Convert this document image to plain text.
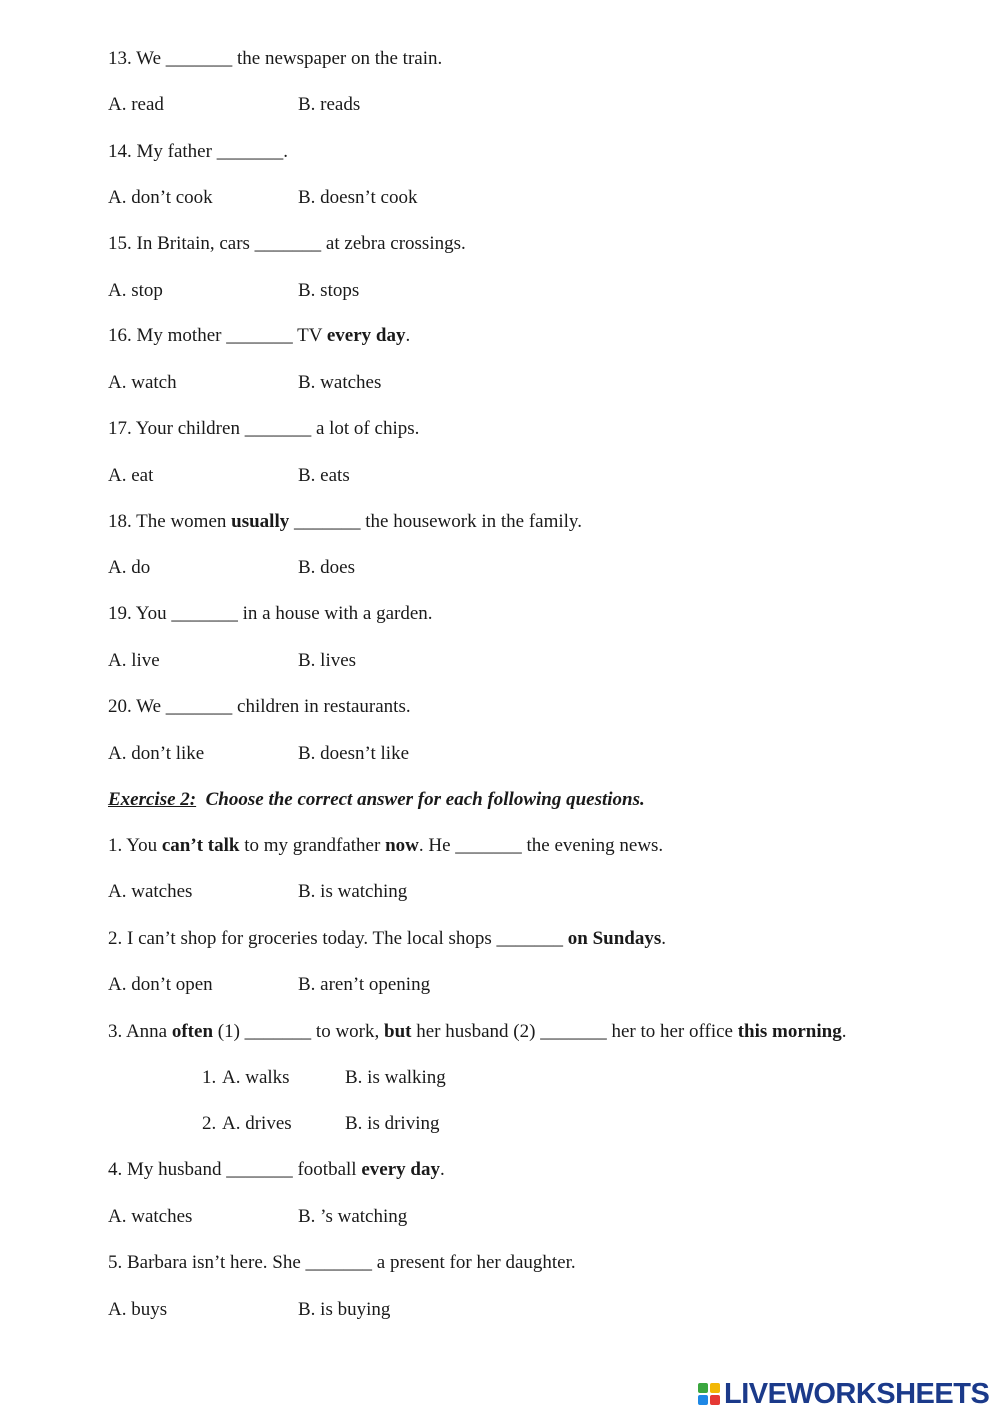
13. We _______ the newspaper on the train.
A. read	B. reads
14. My father _______.
A. don’t cook	B. doesn’t cook
15. In Britain, cars _______ at zebra crossings.
A. stop	B. stops
16. My mother _______ TV every day.
A. watch	B. watches
17. Your children _______ a lot of chips.
A. eat	B. eats
18. The women usually _______ the housework in the family.
A. do	B. does
19. You _______ in a house with a garden.
A. live	B. lives
20. We _______ children in restaurants.
A. don’t like	B. doesn’t like
Exercise 2:  Choose the correct answer for each following questions.
1. You can’t talk to my grandfather now. He _______ the evening news.
A. watches	B. is watching
2. I can’t shop for groceries today. The local shops _______ on Sundays.
A. don’t open	B. aren’t opening
3. Anna often (1) _______ to work, but her husband (2) _______ her to her office this morning.
1. A. walks	B. is walking
2. A. drives	B. is driving
4. My husband _______ football every day.
A. watches	B. ’s watching
5. Barbara isn’t here. She _______ a present for her daughter.
A. buys	B. is buying
LIVEWORKSHEETS
